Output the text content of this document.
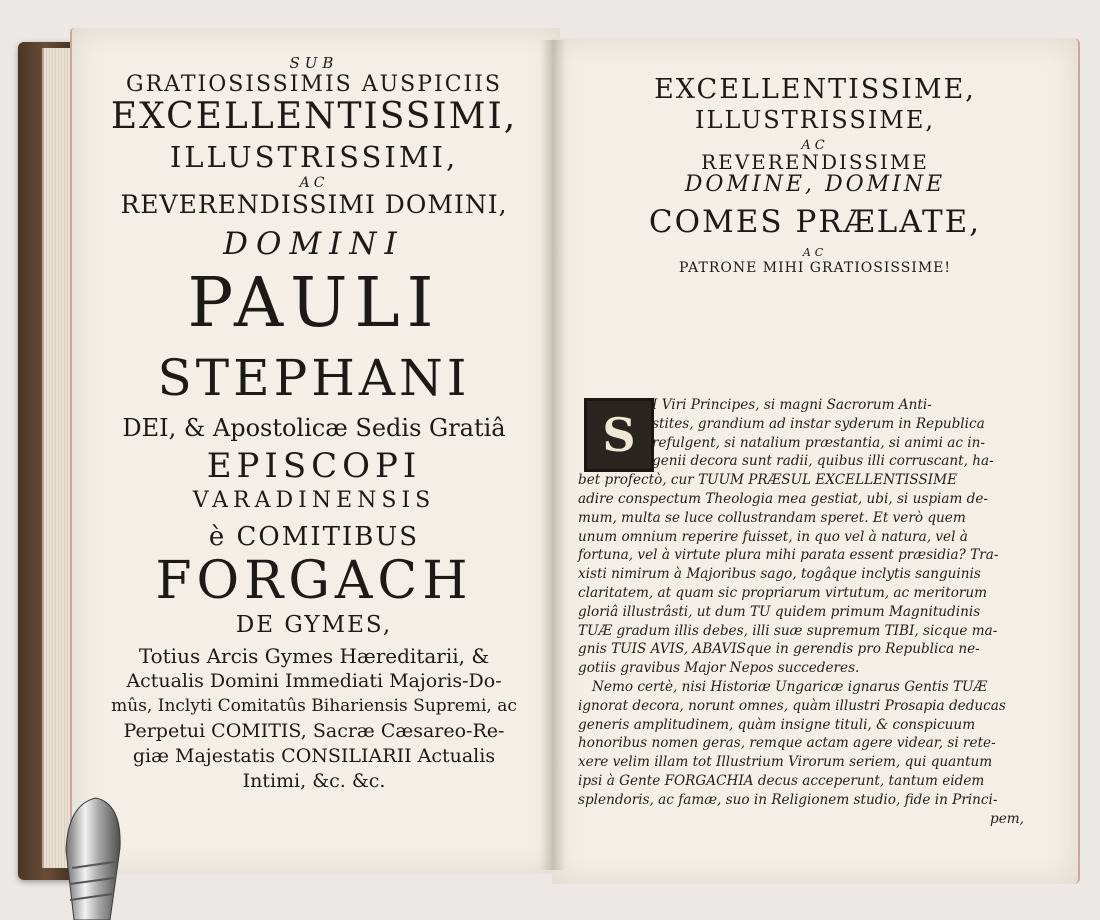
SUB
GRATIOSISSIMIS AUSPICIIS
EXCELLENTISSIMI,
ILLUSTRISSIMI,
AC
REVERENDISSIMI DOMINI,
DOMINI
PAULI
STEPHANI
DEI, & Apostolicæ Sedis Gratiâ
EPISCOPI
VARADINENSIS
è COMITIBUS
FORGACH
DE GYMES,
Totius Arcis Gymes Hæreditarii, &
Actualis Domini Immediati Majoris-Do-
mûs, Inclyti Comitatûs Bihariensis Supremi, ac
Perpetui COMITIS, Sacræ Cæsareo-Re-
giæ Majestatis CONSILIARII Actualis
Intimi, &c. &c.
EXCELLENTISSIME,
ILLUSTRISSIME,
AC
REVERENDISSIME
DOMINE, DOMINE
COMES PRÆLATE,
AC
PATRONE MIHI GRATIOSISSIME!
S
I Viri Principes, si magni Sacrorum Anti-
stites, grandium ad instar syderum in Republica
refulgent, si natalium præstantia, si animi ac in-
genii decora sunt radii, quibus illi corruscant, ha-
bet profectò, cur TUUM PRÆSUL EXCELLENTISSIME
adire conspectum Theologia mea gestiat, ubi, si uspiam de-
mum, multa se luce collustrandam speret. Et verò quem
unum omnium reperire fuisset, in quo vel à natura, vel à
fortuna, vel à virtute plura mihi parata essent præsidia? Tra-
xisti nimirum à Majoribus sago, togâque inclytis sanguinis
claritatem, at quam sic propriarum virtutum, ac meritorum
gloriâ illustrâsti, ut dum TU quidem primum Magnitudinis
TUÆ gradum illis debes, illi suæ supremum TIBI, sicque ma-
gnis TUIS AVIS, ABAVISque in gerendis pro Republica ne-
gotiis gravibus Major Nepos succederes.
Nemo certè, nisi Historiæ Ungaricæ ignarus Gentis TUÆ
ignorat decora, norunt omnes, quàm illustri Prosapia deducas
generis amplitudinem, quàm insigne tituli, & conspicuum
honoribus nomen geras, remque actam agere videar, si rete-
xere velim illam tot Illustrium Virorum seriem, qui quantum
ipsi à Gente FORGACHIA decus acceperunt, tantum eidem
splendoris, ac famæ, suo in Religionem studio, fide in Princi-
pem,
